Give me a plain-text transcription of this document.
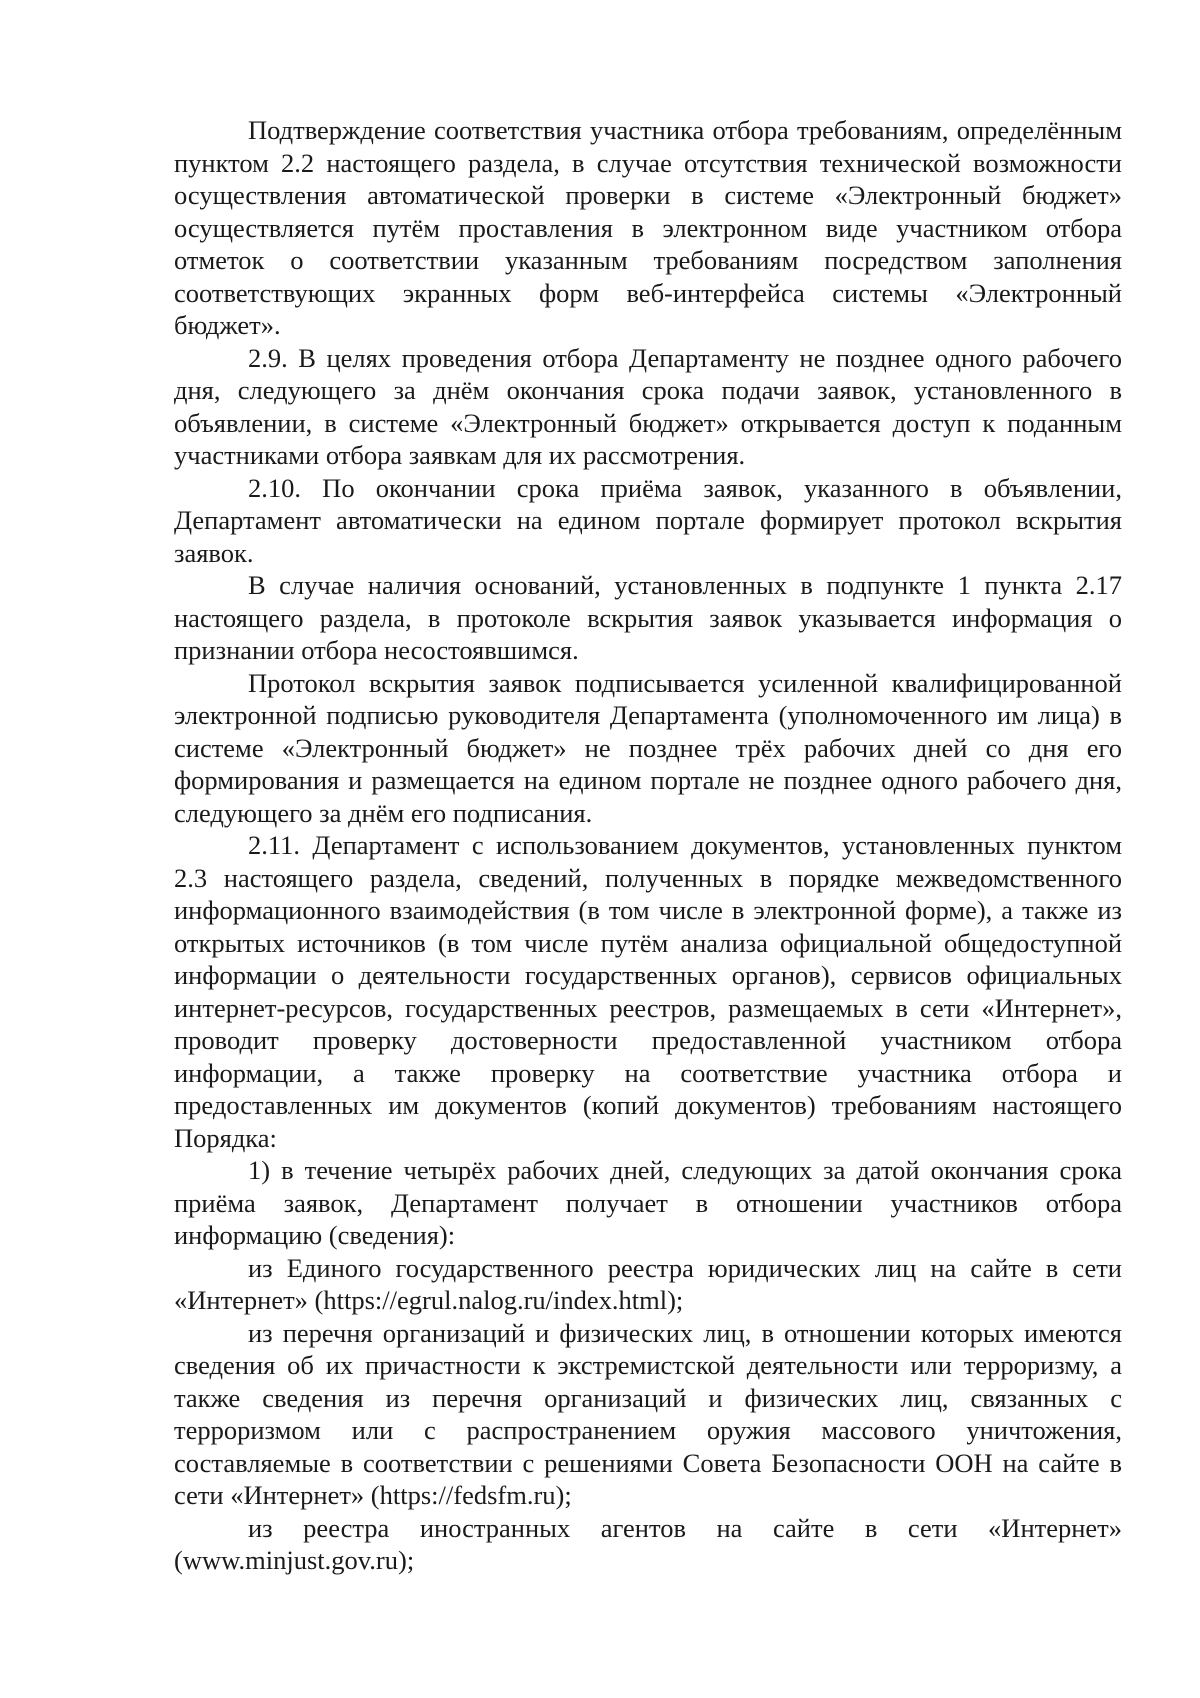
Подтверждение соответствия участника отбора требованиям, определённым пунктом 2.2 настоящего раздела, в случае отсутствия технической возможности осуществления автоматической проверки в системе «Электронный бюджет» осуществляется путём проставления в электронном виде участником отбора отметок о соответствии указанным требованиям посредством заполнения соответствующих экранных форм веб-интерфейса системы «Электронный бюджет».

2.9. В целях проведения отбора Департаменту не позднее одного рабочего дня, следующего за днём окончания срока подачи заявок, установленного в объявлении, в системе «Электронный бюджет» открывается доступ к поданным участниками отбора заявкам для их рассмотрения.

2.10. По окончании срока приёма заявок, указанного в объявлении, Департамент автоматически на едином портале формирует протокол вскрытия заявок.

В случае наличия оснований, установленных в подпункте 1 пункта 2.17 настоящего раздела, в протоколе вскрытия заявок указывается информация о признании отбора несостоявшимся.

Протокол вскрытия заявок подписывается усиленной квалифицированной электронной подписью руководителя Департамента (уполномоченного им лица) в системе «Электронный бюджет» не позднее трёх рабочих дней со дня его формирования и размещается на едином портале не позднее одного рабочего дня, следующего за днём его подписания.

2.11. Департамент с использованием документов, установленных пунктом 2.3 настоящего раздела, сведений, полученных в порядке межведомственного информационного взаимодействия (в том числе в электронной форме), а также из открытых источников (в том числе путём анализа официальной общедоступной информации о деятельности государственных органов), сервисов официальных интернет-ресурсов, государственных реестров, размещаемых в сети «Интернет», проводит проверку достоверности предоставленной участником отбора информации, а также проверку на соответствие участника отбора и предоставленных им документов (копий документов) требованиям настоящего Порядка:

1) в течение четырёх рабочих дней, следующих за датой окончания срока приёма заявок, Департамент получает в отношении участников отбора информацию (сведения):

из Единого государственного реестра юридических лиц на сайте в сети «Интернет» (https://egrul.nalog.ru/index.html);

из перечня организаций и физических лиц, в отношении которых имеются сведения об их причастности к экстремистской деятельности или терроризму, а также сведения из перечня организаций и физических лиц, связанных с терроризмом или с распространением оружия массового уничтожения, составляемые в соответствии с решениями Совета Безопасности ООН на сайте в сети «Интернет» (https://fedsfm.ru);

из реестра иностранных агентов на сайте в сети «Интернет» (www.minjust.gov.ru);
